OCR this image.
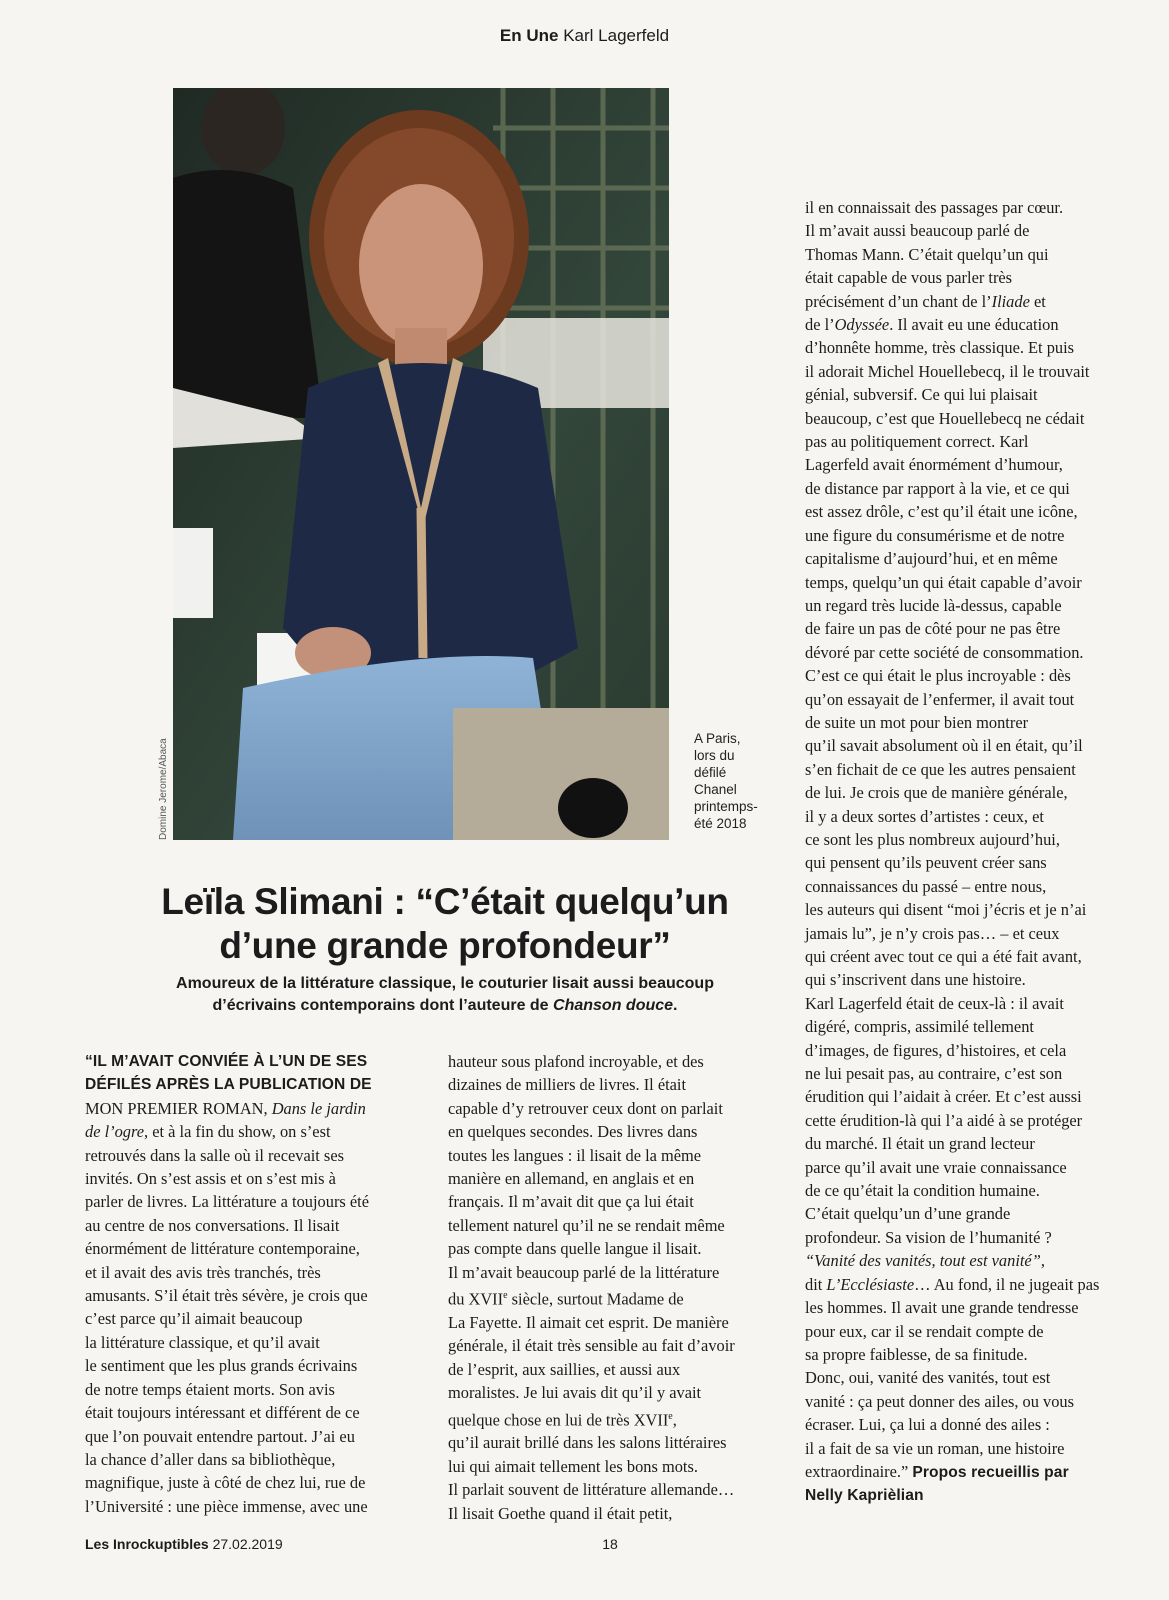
En Une Karl Lagerfeld
Domine Jerome/Abaca	A Paris,
lors du
défilé
Chanel
printemps-
été 2018
Leïla Slimani : “C’était quelqu’un
d’une grande profondeur”
Amoureux de la littérature classique, le couturier lisait aussi beaucoup
d’écrivains contemporains dont l’auteure de Chanson douce.
“IL M’AVAIT CONVIÉE À L’UN DE SES
DÉFILÉS APRÈS LA PUBLICATION DE
MON PREMIER ROMAN, Dans le jardin
de l’ogre, et à la fin du show, on s’est
retrouvés dans la salle où il recevait ses
invités. On s’est assis et on s’est mis à
parler de livres. La littérature a toujours été
au centre de nos conversations. Il lisait
énormément de littérature contemporaine,
et il avait des avis très tranchés, très
amusants. S’il était très sévère, je crois que
c’est parce qu’il aimait beaucoup
la littérature classique, et qu’il avait
le sentiment que les plus grands écrivains
de notre temps étaient morts. Son avis
était toujours intéressant et différent de ce
que l’on pouvait entendre partout. J’ai eu
la chance d’aller dans sa bibliothèque,
magnifique, juste à côté de chez lui, rue de
l’Université : une pièce immense, avec une
hauteur sous plafond incroyable, et des
dizaines de milliers de livres. Il était
capable d’y retrouver ceux dont on parlait
en quelques secondes. Des livres dans
toutes les langues : il lisait de la même
manière en allemand, en anglais et en
français. Il m’avait dit que ça lui était
tellement naturel qu’il ne se rendait même
pas compte dans quelle langue il lisait.
Il m’avait beaucoup parlé de la littérature
du XVIIe siècle, surtout Madame de
La Fayette. Il aimait cet esprit. De manière
générale, il était très sensible au fait d’avoir
de l’esprit, aux saillies, et aussi aux
moralistes. Je lui avais dit qu’il y avait
quelque chose en lui de très XVIIe,
qu’il aurait brillé dans les salons littéraires
lui qui aimait tellement les bons mots.
Il parlait souvent de littérature allemande…
Il lisait Goethe quand il était petit,
il en connaissait des passages par cœur.
Il m’avait aussi beaucoup parlé de
Thomas Mann. C’était quelqu’un qui
était capable de vous parler très
précisément d’un chant de l’Iliade et
de l’Odyssée. Il avait eu une éducation
d’honnête homme, très classique. Et puis
il adorait Michel Houellebecq, il le trouvait
génial, subversif. Ce qui lui plaisait
beaucoup, c’est que Houellebecq ne cédait
pas au politiquement correct. Karl
Lagerfeld avait énormément d’humour,
de distance par rapport à la vie, et ce qui
est assez drôle, c’est qu’il était une icône,
une figure du consumérisme et de notre
capitalisme d’aujourd’hui, et en même
temps, quelqu’un qui était capable d’avoir
un regard très lucide là-dessus, capable
de faire un pas de côté pour ne pas être
dévoré par cette société de consommation.
C’est ce qui était le plus incroyable : dès
qu’on essayait de l’enfermer, il avait tout
de suite un mot pour bien montrer
qu’il savait absolument où il en était, qu’il
s’en fichait de ce que les autres pensaient
de lui. Je crois que de manière générale,
il y a deux sortes d’artistes : ceux, et
ce sont les plus nombreux aujourd’hui,
qui pensent qu’ils peuvent créer sans
connaissances du passé – entre nous,
les auteurs qui disent “moi j’écris et je n’ai
jamais lu”, je n’y crois pas… – et ceux
qui créent avec tout ce qui a été fait avant,
qui s’inscrivent dans une histoire.
Karl Lagerfeld était de ceux-là : il avait
digéré, compris, assimilé tellement
d’images, de figures, d’histoires, et cela
ne lui pesait pas, au contraire, c’est son
érudition qui l’aidait à créer. Et c’est aussi
cette érudition-là qui l’a aidé à se protéger
du marché. Il était un grand lecteur
parce qu’il avait une vraie connaissance
de ce qu’était la condition humaine.
C’était quelqu’un d’une grande
profondeur. Sa vision de l’humanité ?
“Vanité des vanités, tout est vanité”,
dit L’Ecclésiaste… Au fond, il ne jugeait pas
les hommes. Il avait une grande tendresse
pour eux, car il se rendait compte de
sa propre faiblesse, de sa finitude.
Donc, oui, vanité des vanités, tout est
vanité : ça peut donner des ailes, ou vous
écraser. Lui, ça lui a donné des ailes :
il a fait de sa vie un roman, une histoire
extraordinaire.” Propos recueillis par
Nelly Kaprièlian
Les Inrockuptibles 27.02.2019	18
